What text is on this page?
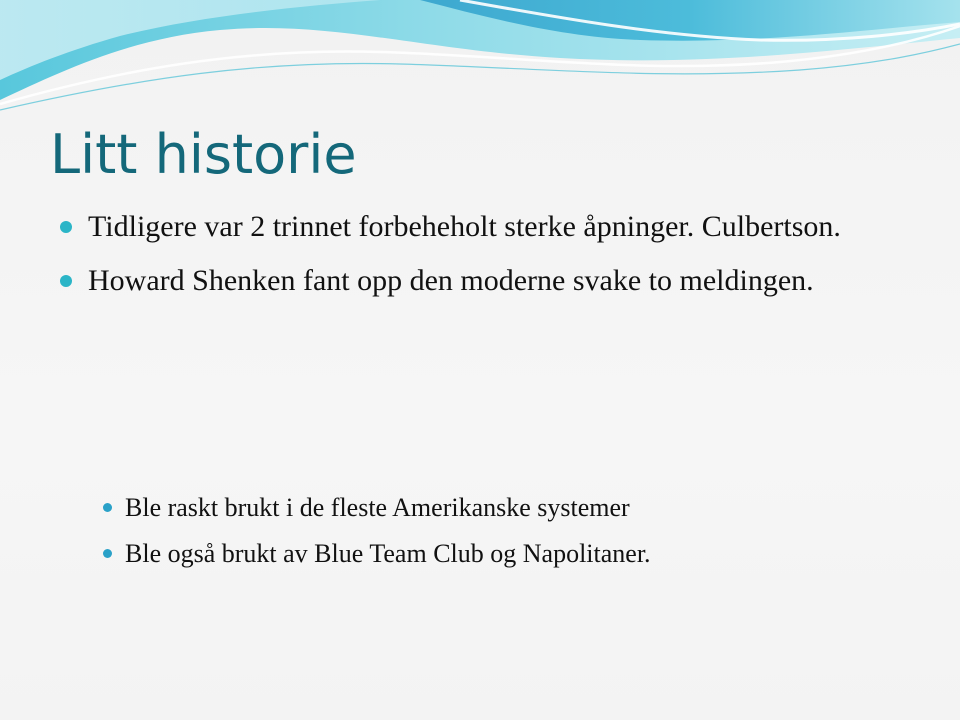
Litt historie
Tidligere var 2 trinnet forbeheholt sterke åpninger. Culbertson.
Howard Shenken fant opp den moderne svake to meldingen.
Ble raskt brukt i de fleste Amerikanske systemer
Ble også brukt av Blue Team Club og Napolitaner.
